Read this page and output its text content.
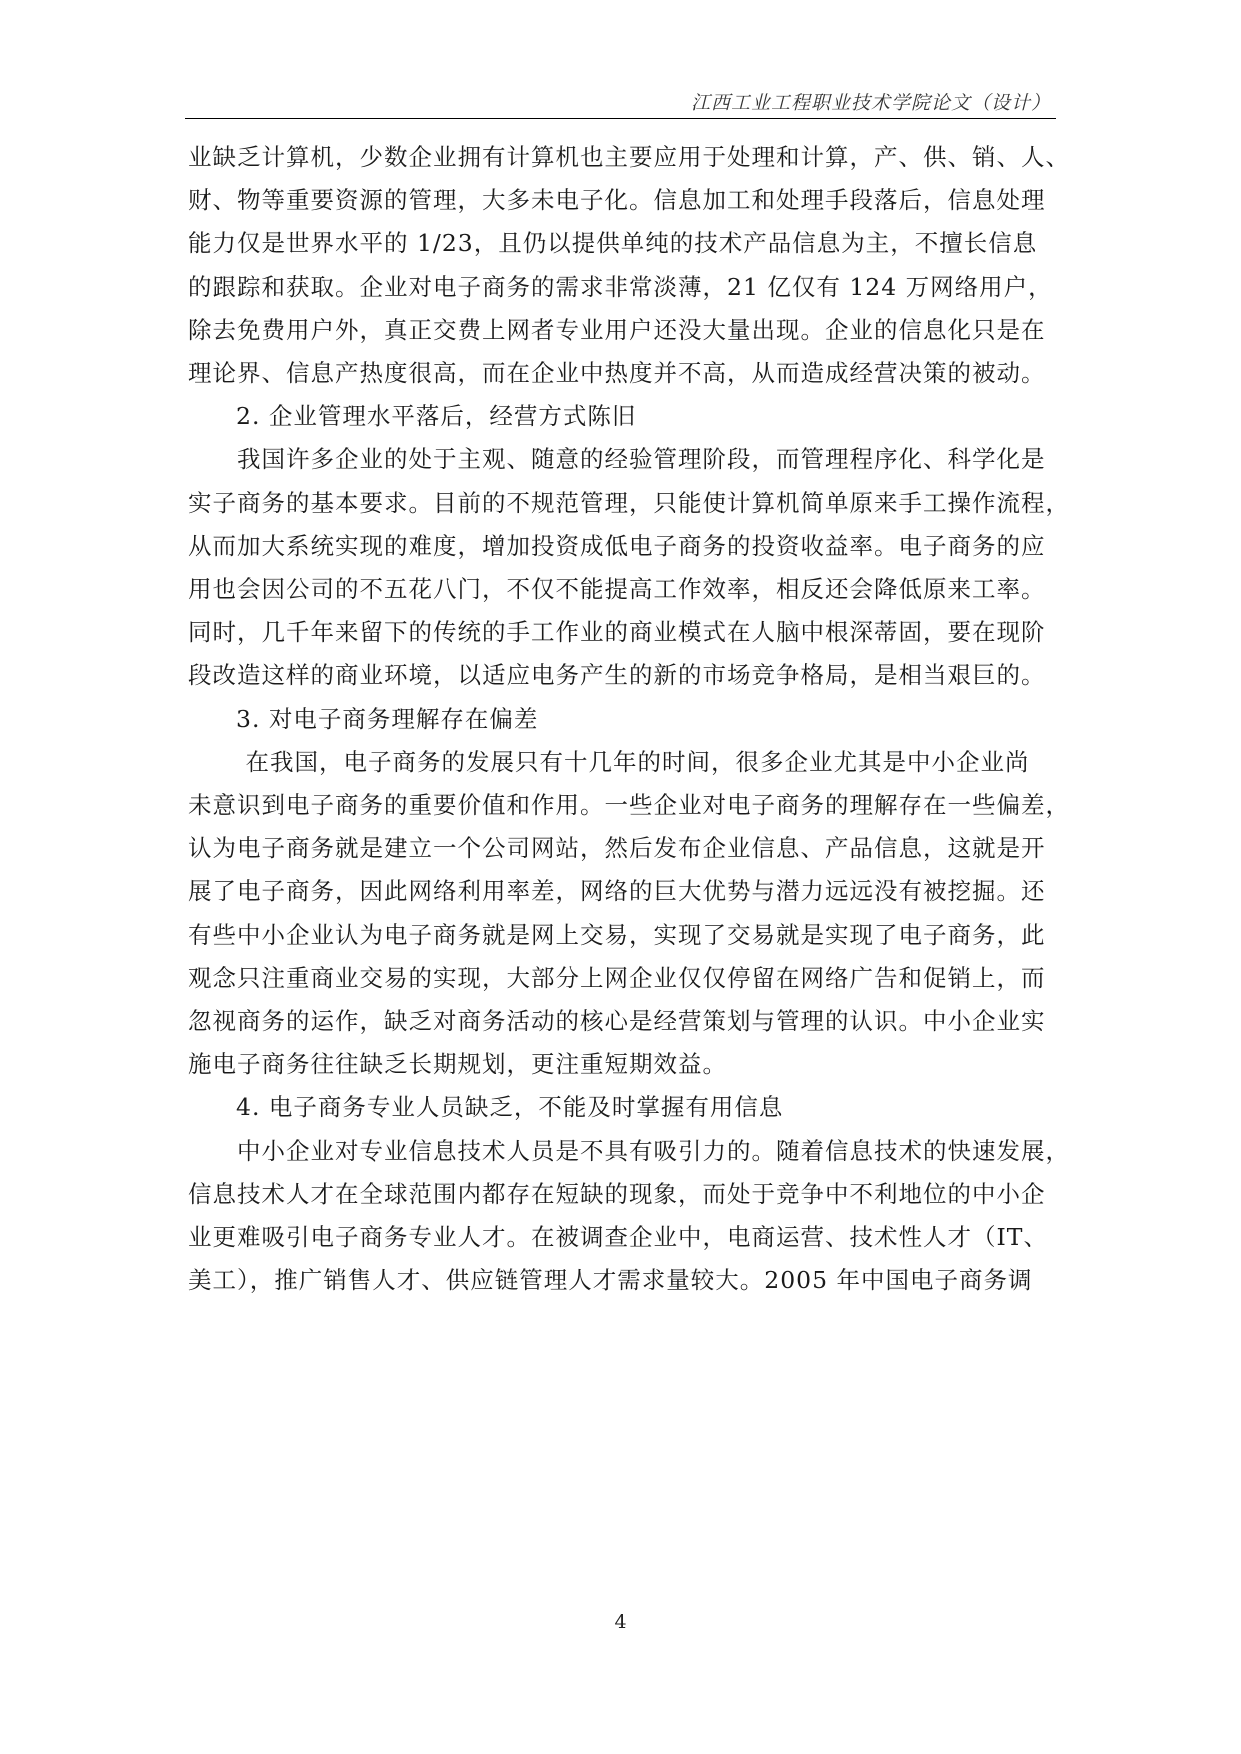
江西工业工程职业技术学院论文（设计）
业缺乏计算机，少数企业拥有计算机也主要应用于处理和计算，产、供、销、人、
财、物等重要资源的管理，大多未电子化。信息加工和处理手段落后，信息处理
能力仅是世界水平的 1/23，且仍以提供单纯的技术产品信息为主，不擅长信息
的跟踪和获取。企业对电子商务的需求非常淡薄，21 亿仅有 124 万网络用户，
除去免费用户外，真正交费上网者专业用户还没大量出现。企业的信息化只是在
理论界、信息产热度很高，而在企业中热度并不高，从而造成经营决策的被动。
2. 企业管理水平落后，经营方式陈旧
　　我国许多企业的处于主观、随意的经验管理阶段，而管理程序化、科学化是
实子商务的基本要求。目前的不规范管理，只能使计算机简单原来手工操作流程，
从而加大系统实现的难度，增加投资成低电子商务的投资收益率。电子商务的应
用也会因公司的不五花八门，不仅不能提高工作效率，相反还会降低原来工率。
同时，几千年来留下的传统的手工作业的商业模式在人脑中根深蒂固，要在现阶
段改造这样的商业环境，以适应电务产生的新的市场竞争格局，是相当艰巨的。
3. 对电子商务理解存在偏差
　　 在我国，电子商务的发展只有十几年的时间，很多企业尤其是中小企业尚
未意识到电子商务的重要价值和作用。一些企业对电子商务的理解存在一些偏差，
认为电子商务就是建立一个公司网站，然后发布企业信息、产品信息，这就是开
展了电子商务，因此网络利用率差，网络的巨大优势与潜力远远没有被挖掘。还
有些中小企业认为电子商务就是网上交易，实现了交易就是实现了电子商务，此
观念只注重商业交易的实现，大部分上网企业仅仅停留在网络广告和促销上，而
忽视商务的运作，缺乏对商务活动的核心是经营策划与管理的认识。中小企业实
施电子商务往往缺乏长期规划，更注重短期效益。
4. 电子商务专业人员缺乏，不能及时掌握有用信息
　　中小企业对专业信息技术人员是不具有吸引力的。随着信息技术的快速发展，
信息技术人才在全球范围内都存在短缺的现象，而处于竞争中不利地位的中小企
业更难吸引电子商务专业人才。在被调查企业中，电商运营、技术性人才（IT、
美工），推广销售人才、供应链管理人才需求量较大。2005 年中国电子商务调
4
